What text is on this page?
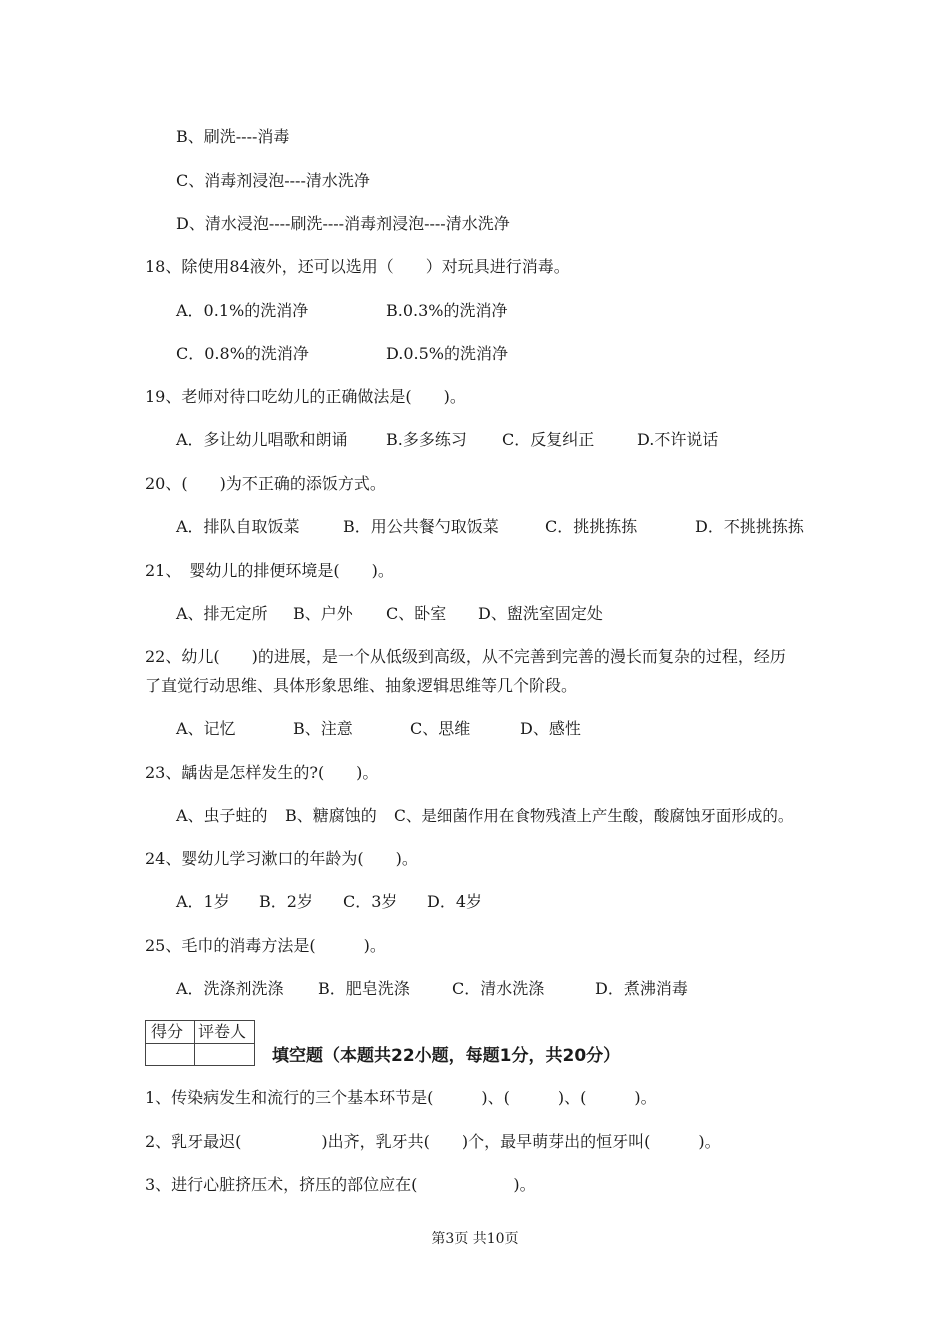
B、刷洗----消毒
C、消毒剂浸泡----清水洗净
D、清水浸泡----刷洗----消毒剂浸泡----清水洗净
18、除使用84液外，还可以选用（　　）对玩具进行消毒。
A．0.1%的洗消净	B.0.3%的洗消净
C．0.8%的洗消净	D.0.5%的洗消净
19、老师对待口吃幼儿的正确做法是(　　)。
A．多让幼儿唱歌和朗诵 B.多多练习 C．反复纠正	D.不许说话
20、(　　)为不正确的添饭方式。
A．排队自取饭菜	B．用公共餐勺取饭菜	C．挑挑拣拣	D．不挑挑拣拣
21、　婴幼儿的排便环境是(　　)。
A、排无定所 B、户外 C、卧室 D、盥洗室固定处
22、幼儿(　　)的进展，是一个从低级到高级，从不完善到完善的漫长而复杂的过程，经历
了直觉行动思维、具体形象思维、抽象逻辑思维等几个阶段。
A、记忆	B、注意	C、思维	D、感性
23、龋齿是怎样发生的?(　　)。
A、虫子蛀的 B、糖腐蚀的 C、是细菌作用在食物残渣上产生酸，酸腐蚀牙面形成的。
24、婴幼儿学习漱口的年龄为(　　)。
A．1岁 B．2岁 C．3岁 D．4岁
25、毛巾的消毒方法是(　　　)。
A．洗涤剂洗涤 B．肥皂洗涤	C．清水洗涤	D．煮沸消毒
得分 评卷人
填空题（本题共22小题，每题1分，共20分）
1、传染病发生和流行的三个基本环节是(　　　)、(　　　)、(　　　)。
2、乳牙最迟(　　　　　)出齐，乳牙共(　　)个，最早萌芽出的恒牙叫(　　　)。
3、进行心脏挤压术，挤压的部位应在(　　　　　　)。
第3页 共10页
